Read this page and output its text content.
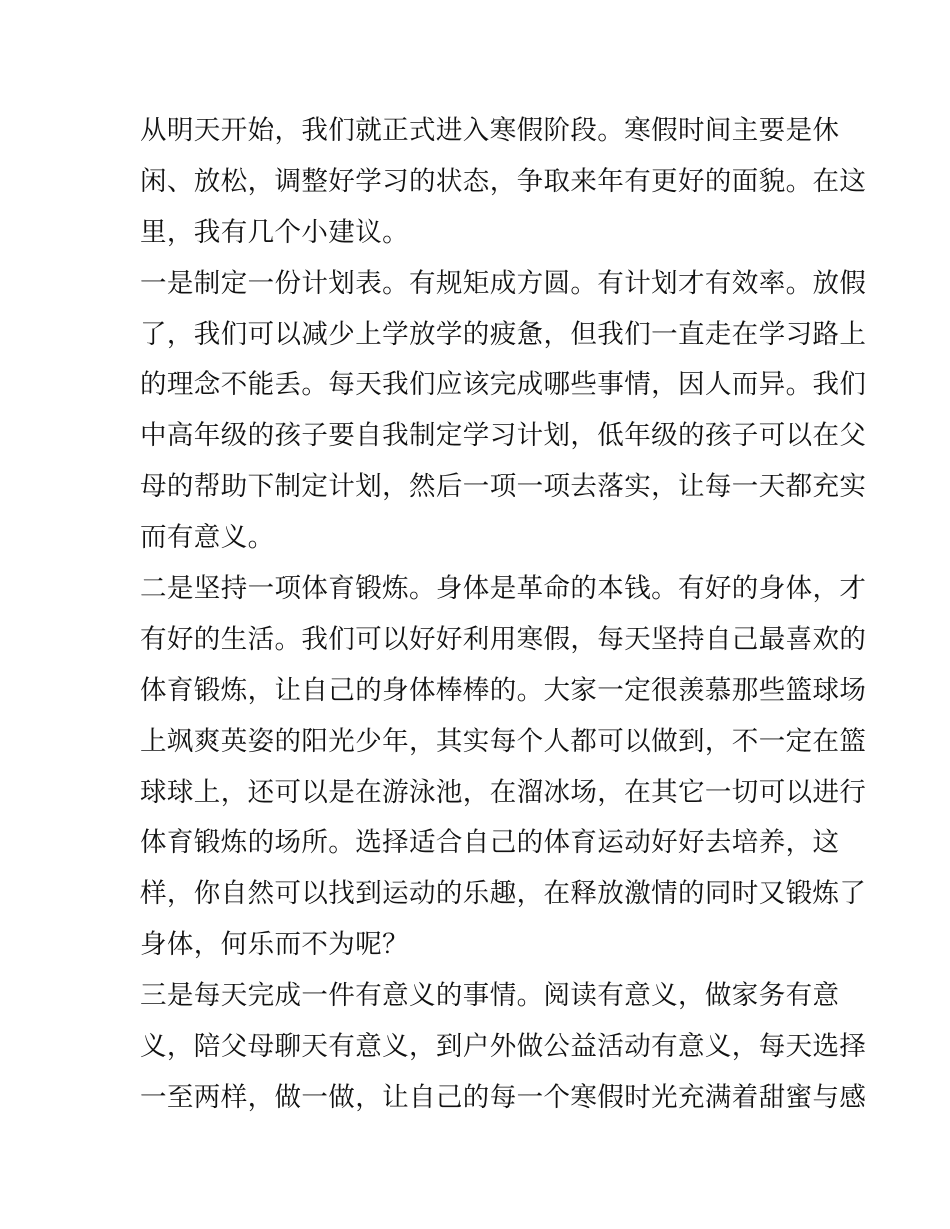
从明天开始，我们就正式进入寒假阶段。寒假时间主要是休
闲、放松，调整好学习的状态，争取来年有更好的面貌。在这
里，我有几个小建议。
一是制定一份计划表。有规矩成方圆。有计划才有效率。放假
了，我们可以减少上学放学的疲惫，但我们一直走在学习路上
的理念不能丢。每天我们应该完成哪些事情，因人而异。我们
中高年级的孩子要自我制定学习计划，低年级的孩子可以在父
母的帮助下制定计划，然后一项一项去落实，让每一天都充实
而有意义。
二是坚持一项体育锻炼。身体是革命的本钱。有好的身体，才
有好的生活。我们可以好好利用寒假，每天坚持自己最喜欢的
体育锻炼，让自己的身体棒棒的。大家一定很羡慕那些篮球场
上飒爽英姿的阳光少年，其实每个人都可以做到，不一定在篮
球球上，还可以是在游泳池，在溜冰场，在其它一切可以进行
体育锻炼的场所。选择适合自己的体育运动好好去培养，这
样，你自然可以找到运动的乐趣，在释放激情的同时又锻炼了
身体，何乐而不为呢？
三是每天完成一件有意义的事情。阅读有意义，做家务有意
义，陪父母聊天有意义，到户外做公益活动有意义，每天选择
一至两样，做一做，让自己的每一个寒假时光充满着甜蜜与感
